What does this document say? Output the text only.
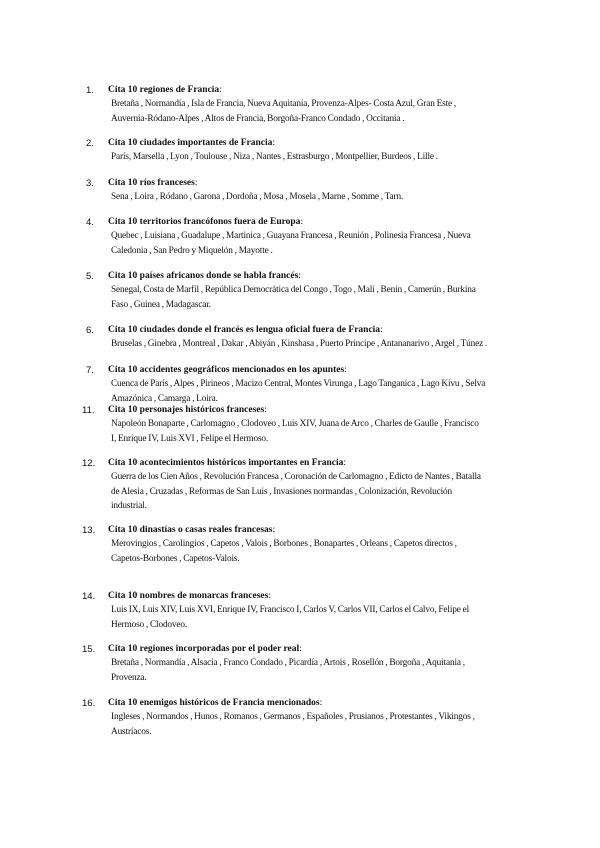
1.	Cita 10 regiones de Francia:
Bretaña , Normandía , Isla de Francia, Nueva Aquitania, Provenza-Alpes- Costa Azul, Gran Este ,
Auvernia-Ródano-Alpes , Altos de Francia, Borgoña-Franco Condado , Occitania .
2.	Cita 10 ciudades importantes de Francia:
París, Marsella , Lyon , Toulouse , Niza , Nantes , Estrasburgo , Montpellier, Burdeos , Lille .
3.	Cita 10 ríos franceses:
Sena , Loira , Ródano , Garona , Dordoña , Mosa , Mosela , Marne , Somme , Tarn.
4.	Cita 10 territorios francófonos fuera de Europa:
Quebec , Luisiana , Guadalupe , Martinica , Guayana Francesa , Reunión , Polinesia Francesa , Nueva
Caledonia , San Pedro y Miquelón , Mayotte .
5.	Cita 10 países africanos donde se habla francés:
Senegal, Costa de Marfil , República Democrática del Congo , Togo , Malí , Benín , Camerún , Burkina
Faso , Guinea , Madagascar.
6.	Cita 10 ciudades donde el francés es lengua oficial fuera de Francia:
Bruselas , Ginebra , Montreal , Dakar , Abiyán , Kinshasa , Puerto Príncipe , Antananarivo , Argel , Túnez .
7.	Cita 10 accidentes geográficos mencionados en los apuntes:
Cuenca de París , Alpes , Pirineos , Macizo Central, Montes Virunga , Lago Tanganica , Lago Kivu , Selva
Amazónica , Camarga , Loira.
11.	Cita 10 personajes históricos franceses:
Napoleón Bonaparte , Carlomagno , Clodoveo , Luis XIV, Juana de Arco , Charles de Gaulle , Francisco
I, Enrique IV, Luis XVI , Felipe el Hermoso.
12.	Cita 10 acontecimientos históricos importantes en Francia:
Guerra de los Cien Años , Revolución Francesa , Coronación de Carlomagno , Edicto de Nantes , Batalla
de Alesia , Cruzadas , Reformas de San Luis , Invasiones normandas , Colonización, Revolución
industrial.
13.	Cita 10 dinastías o casas reales francesas:
Merovingios , Carolingios , Capetos , Valois , Borbones , Bonapartes , Orleans , Capetos directos ,
Capetos-Borbones , Capetos-Valois.
14.	Cita 10 nombres de monarcas franceses:
Luis IX, Luis XIV, Luis XVI, Enrique IV, Francisco I, Carlos V, Carlos VII, Carlos el Calvo, Felipe el
Hermoso , Clodoveo.
15.	Cita 10 regiones incorporadas por el poder real:
Bretaña , Normandía , Alsacia , Franco Condado , Picardía , Artois , Rosellón , Borgoña , Aquitania ,
Provenza.
16.	Cita 10 enemigos históricos de Francia mencionados:
Ingleses , Normandos , Hunos , Romanos , Germanos , Españoles , Prusianos , Protestantes , Vikingos ,
Austríacos.
